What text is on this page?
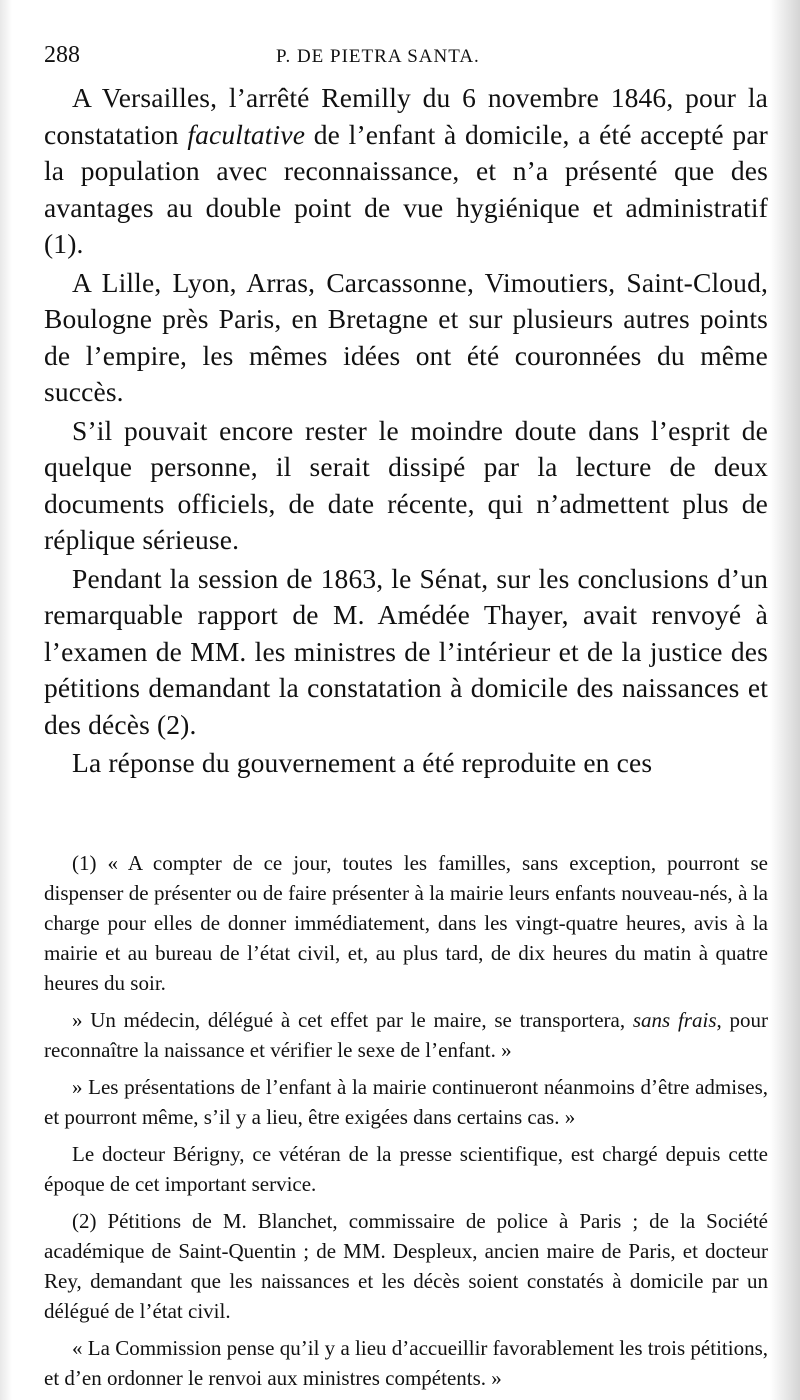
288	P. DE PIETRA SANTA.

A Versailles, l’arrêté Remilly du 6 novembre 1846, pour la constatation facultative de l’enfant à domicile, a été accepté par la population avec reconnaissance, et n’a présenté que des avantages au double point de vue hygiénique et administratif (1).

A Lille, Lyon, Arras, Carcassonne, Vimoutiers, Saint-Cloud, Boulogne près Paris, en Bretagne et sur plusieurs autres points de l’empire, les mêmes idées ont été couronnées du même succès.

S’il pouvait encore rester le moindre doute dans l’esprit de quelque personne, il serait dissipé par la lecture de deux documents officiels, de date récente, qui n’admettent plus de réplique sérieuse.

Pendant la session de 1863, le Sénat, sur les conclusions d’un remarquable rapport de M. Amédée Thayer, avait renvoyé à l’examen de MM. les ministres de l’intérieur et de la justice des pétitions demandant la constatation à domicile des naissances et des décès (2).

La réponse du gouvernement a été reproduite en ces

(1) « A compter de ce jour, toutes les familles, sans exception, pourront se dispenser de présenter ou de faire présenter à la mairie leurs enfants nouveau-nés, à la charge pour elles de donner immédiatement, dans les vingt-quatre heures, avis à la mairie et au bureau de l’état civil, et, au plus tard, de dix heures du matin à quatre heures du soir.

» Un médecin, délégué à cet effet par le maire, se transportera, sans frais, pour reconnaître la naissance et vérifier le sexe de l’enfant. »

» Les présentations de l’enfant à la mairie continueront néanmoins d’être admises, et pourront même, s’il y a lieu, être exigées dans certains cas. »

Le docteur Bérigny, ce vétéran de la presse scientifique, est chargé depuis cette époque de cet important service.

(2) Pétitions de M. Blanchet, commissaire de police à Paris ; de la Société académique de Saint-Quentin ; de MM. Despleux, ancien maire de Paris, et docteur Rey, demandant que les naissances et les décès soient constatés à domicile par un délégué de l’état civil.

« La Commission pense qu’il y a lieu d’accueillir favorablement les trois pétitions, et d’en ordonner le renvoi aux ministres compétents. »
